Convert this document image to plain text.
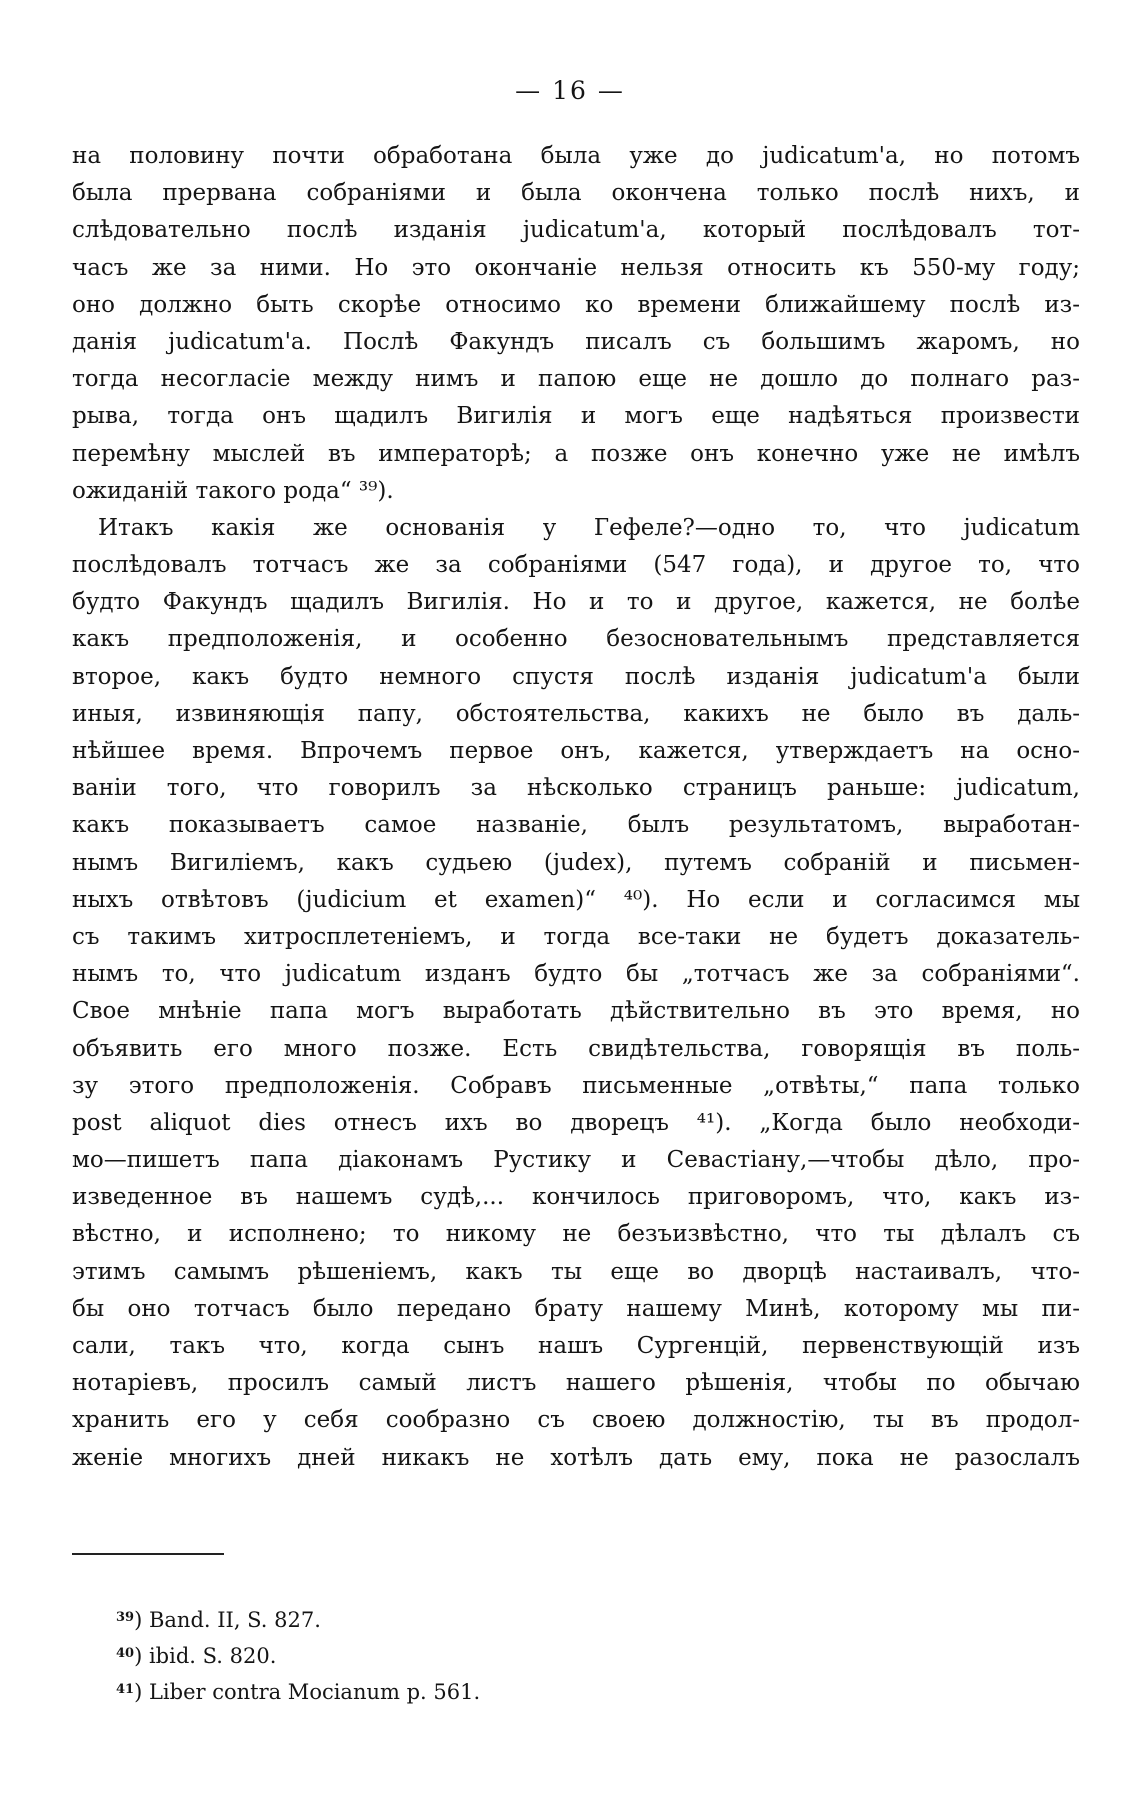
— 16 —
на половину почти обработана была уже до judicatum'а, но потомъ
была прервана собраніями и была окончена только послѣ нихъ, и
слѣдовательно послѣ изданія judicatum'а, который послѣдовалъ тот-
часъ же за ними. Но это окончаніе нельзя относить къ 550-му году;
оно должно быть скорѣе относимо ко времени ближайшему послѣ из-
данія judicatum'а. Послѣ Факундъ писалъ съ большимъ жаромъ, но
тогда несогласіе между нимъ и папою еще не дошло до полнаго раз-
рыва, тогда онъ щадилъ Вигилія и могъ еще надѣяться произвести
перемѣну мыслей въ императорѣ; а позже онъ конечно уже не имѣлъ
ожиданій такого рода“ ³⁹).
Итакъ какія же основанія у Гефеле?—одно то, что judicatum
послѣдовалъ тотчасъ же за собраніями (547 года), и другое то, что
будто Факундъ щадилъ Вигилія. Но и то и другое, кажется, не болѣе
какъ предположенія, и особенно безосновательнымъ представляется
второе, какъ будто немного спустя послѣ изданія judicatum'а были
иныя, извиняющія папу, обстоятельства, какихъ не было въ даль-
нѣйшее время. Впрочемъ первое онъ, кажется, утверждаетъ на осно-
ваніи того, что говорилъ за нѣсколько страницъ раньше: judicatum,
какъ показываетъ самое названіе, былъ результатомъ, выработан-
нымъ Вигиліемъ, какъ судьею (judex), путемъ собраній и письмен-
ныхъ отвѣтовъ (judicium et examen)“ ⁴⁰). Но если и согласимся мы
съ такимъ хитросплетеніемъ, и тогда все-таки не будетъ доказатель-
нымъ то, что judicatum изданъ будто бы „тотчасъ же за собраніями“.
Свое мнѣніе папа могъ выработать дѣйствительно въ это время, но
объявить его много позже. Есть свидѣтельства, говорящія въ поль-
зу этого предположенія. Собравъ письменные „отвѣты,“ папа только
post aliquot dies отнесъ ихъ во дворецъ ⁴¹). „Когда было необходи-
мо—пишетъ папа діаконамъ Рустику и Севастіану,—чтобы дѣло, про-
изведенное въ нашемъ судѣ,... кончилось приговоромъ, что, какъ из-
вѣстно, и исполнено; то никому не безъизвѣстно, что ты дѣлалъ съ
этимъ самымъ рѣшеніемъ, какъ ты еще во дворцѣ настаивалъ, что-
бы оно тотчасъ было передано брату нашему Минѣ, которому мы пи-
сали, такъ что, когда сынъ нашъ Сургенцій, первенствующій изъ
нотаріевъ, просилъ самый листъ нашего рѣшенія, чтобы по обычаю
хранить его у себя сообразно съ своею должностію, ты въ продол-
женіе многихъ дней никакъ не хотѣлъ дать ему, пока не разослалъ
$^{39}$) Band. II, S. 827.
$^{40}$) ibid. S. 820.
$^{41}$) Liber contra Mocianum p. 561.
